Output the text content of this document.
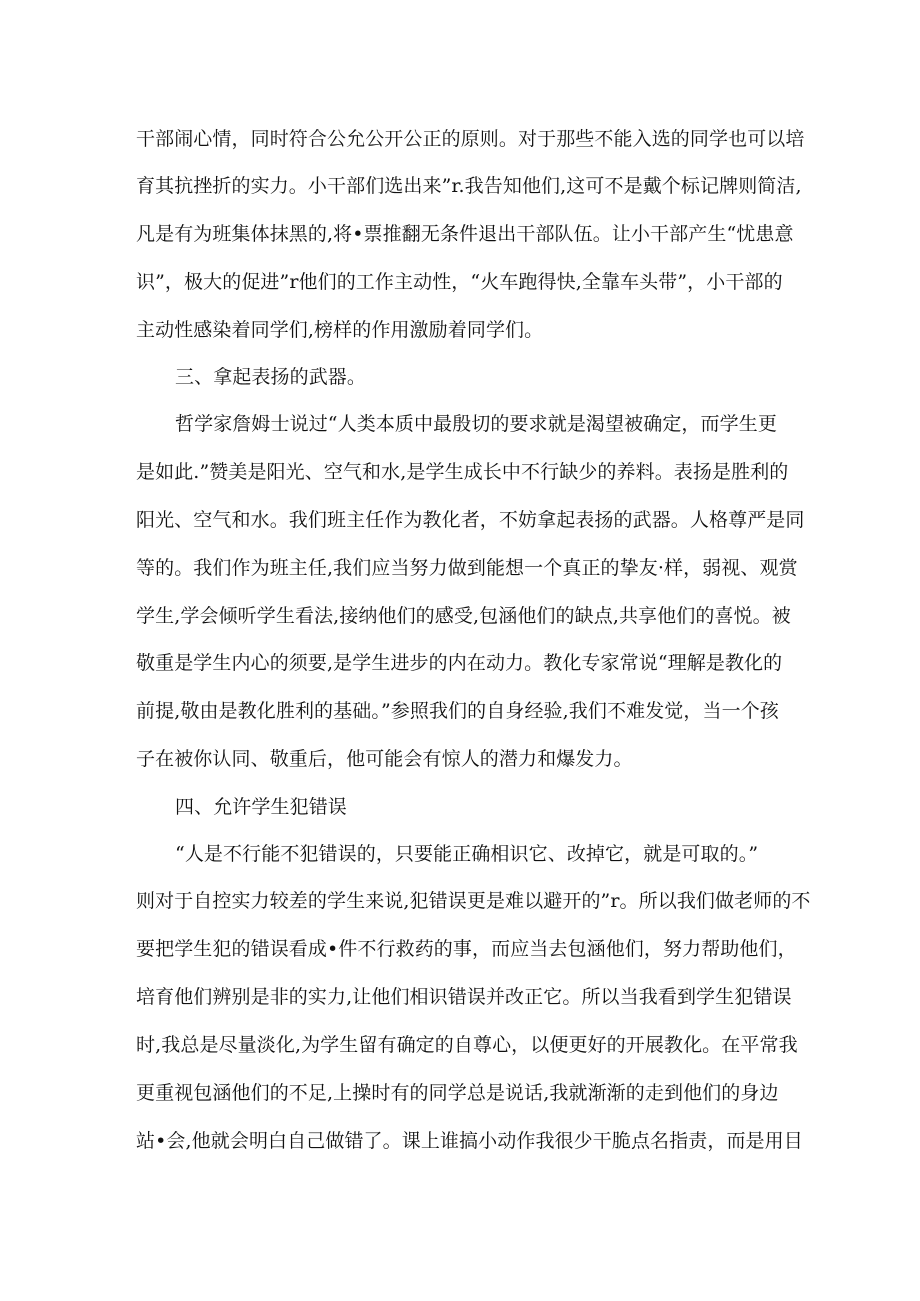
干部闹心情，同时符合公允公开公正的原则。对于那些不能入选的同学也可以培
育其抗挫折的实力。小干部们选出来”r.我告知他们,这可不是戴个标记牌则简洁,
凡是有为班集体抹黑的,将•票推翻无条件退出干部队伍。让小干部产生“忧患意
识”，极大的促进”r他们的工作主动性，“火车跑得快,全靠车头带”，小干部的
主动性感染着同学们,榜样的作用激励着同学们。
三、拿起表扬的武器。
哲学家詹姆士说过“人类本质中最殷切的要求就是渴望被确定，而学生更
是如此.”赞美是阳光、空气和水,是学生成长中不行缺少的养料。表扬是胜利的
阳光、空气和水。我们班主任作为教化者，不妨拿起表扬的武器。人格尊严是同
等的。我们作为班主任,我们应当努力做到能想一个真正的挚友·样，弱视、观赏
学生,学会倾听学生看法,接纳他们的感受,包涵他们的缺点,共享他们的喜悦。被
敬重是学生内心的须要,是学生进步的内在动力。教化专家常说“理解是教化的
前提,敬由是教化胜利的基础。”参照我们的自身经验,我们不难发觉，当一个孩
子在被你认同、敬重后，他可能会有惊人的潜力和爆发力。
四、允许学生犯错误
“人是不行能不犯错误的，只要能正确相识它、改掉它，就是可取的。”
则对于自控实力较差的学生来说,犯错误更是难以避开的”r。所以我们做老师的不
要把学生犯的错误看成•件不行救药的事，而应当去包涵他们，努力帮助他们，
培育他们辨别是非的实力,让他们相识错误并改正它。所以当我看到学生犯错误
时,我总是尽量淡化,为学生留有确定的自尊心，以便更好的开展教化。在平常我
更重视包涵他们的不足,上操时有的同学总是说话,我就渐渐的走到他们的身边
站•会,他就会明白自己做错了。课上谁搞小动作我很少干脆点名指责，而是用目
